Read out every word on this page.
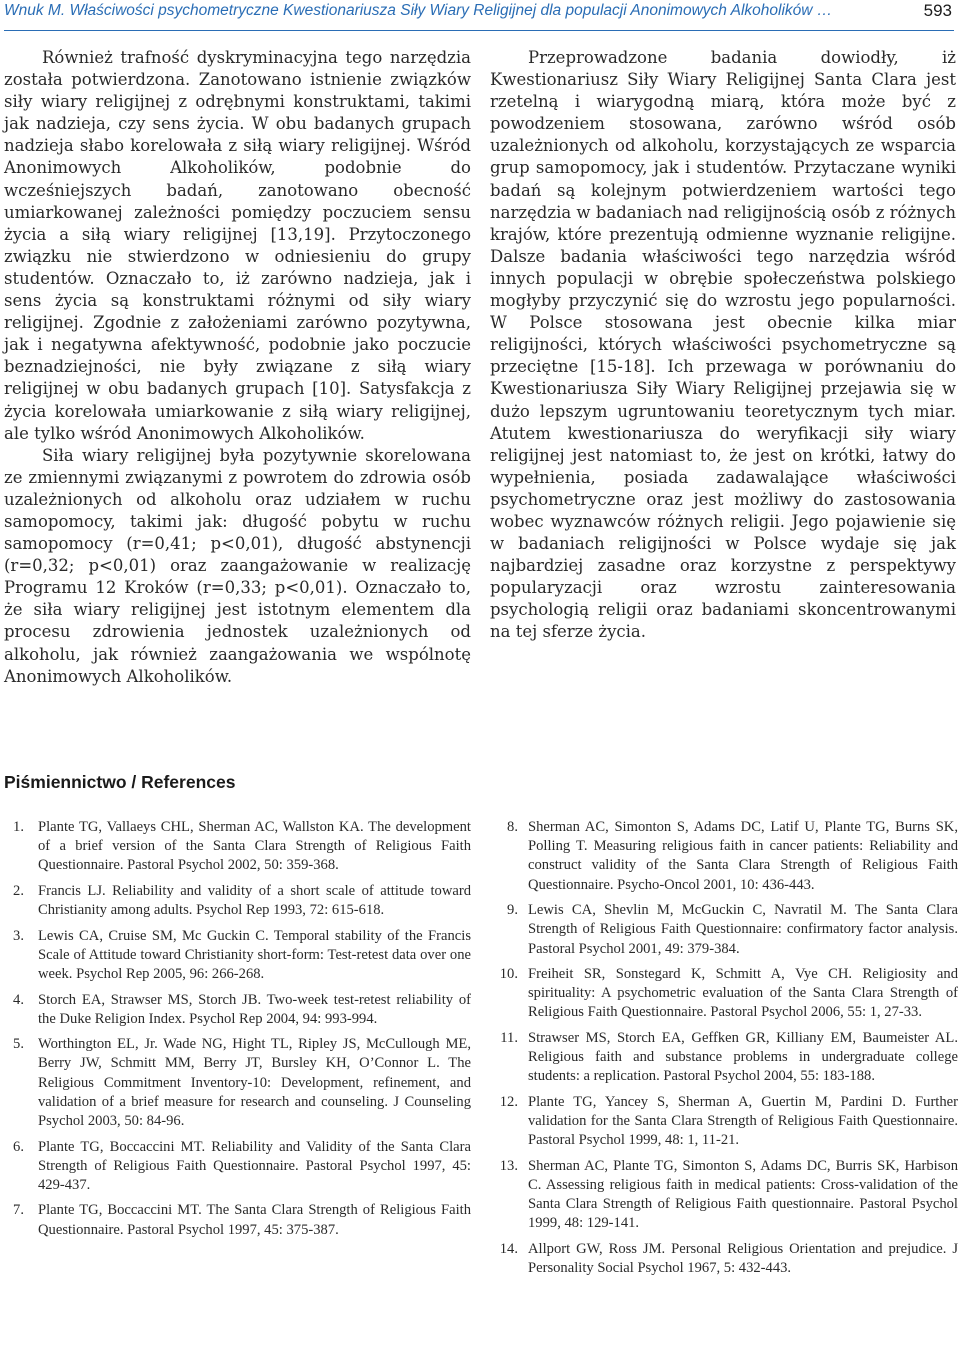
Wnuk M. Właściwości psychometryczne Kwestionariusza Siły Wiary Religijnej dla populacji Anonimowych Alkoholików …	593

Również trafność dyskryminacyjna tego narzędzia została potwierdzona. Zanotowano istnienie związków siły wiary religijnej z odrębnymi konstruktami, takimi jak nadzieja, czy sens życia. W obu badanych grupach nadzieja słabo korelowała z siłą wiary religijnej. Wśród Anonimowych Alkoholików, podobnie do wcześniejszych badań, zanotowano obecność umiarkowanej zależności pomiędzy poczuciem sensu życia a siłą wiary religijnej [13,19]. Przytoczonego związku nie stwierdzono w odniesieniu do grupy studentów. Oznaczało to, iż zarówno nadzieja, jak i sens życia są konstruktami różnymi od siły wiary religijnej. Zgodnie z założeniami zarówno pozytywna, jak i negatywna afektywność, podobnie jako poczucie beznadziejności, nie były związane z siłą wiary religijnej w obu badanych grupach [10]. Satysfakcja z życia korelowała umiarkowanie z siłą wiary religijnej, ale tylko wśród Anonimowych Alkoholików.

Siła wiary religijnej była pozytywnie skorelowana ze zmiennymi związanymi z powrotem do zdrowia osób uzależnionych od alkoholu oraz udziałem w ruchu samopomocy, takimi jak: długość pobytu w ruchu samopomocy (r=0,41; p<0,01), długość abstynencji (r=0,32; p<0,01) oraz zaangażowanie w realizację Programu 12 Kroków (r=0,33; p<0,01). Oznaczało to, że siła wiary religijnej jest istotnym elementem dla procesu zdrowienia jednostek uzależnionych od alkoholu, jak również zaangażowania we wspólnotę Anonimowych Alkoholików.

Przeprowadzone badania dowiodły, iż Kwestionariusz Siły Wiary Religijnej Santa Clara jest rzetelną i wiarygodną miarą, która może być z powodzeniem stosowana, zarówno wśród osób uzależnionych od alkoholu, korzystających ze wsparcia grup samopomocy, jak i studentów. Przytaczane wyniki badań są kolejnym potwierdzeniem wartości tego narzędzia w badaniach nad religijnością osób z różnych krajów, które prezentują odmienne wyznanie religijne. Dalsze badania właściwości tego narzędzia wśród innych populacji w obrębie społeczeństwa polskiego mogłyby przyczynić się do wzrostu jego popularności. W Polsce stosowana jest obecnie kilka miar religijności, których właściwości psychometryczne są przeciętne [15-18]. Ich przewaga w porównaniu do Kwestionariusza Siły Wiary Religijnej przejawia się w dużo lepszym ugruntowaniu teoretycznym tych miar. Atutem kwestionariusza do weryfikacji siły wiary religijnej jest natomiast to, że jest on krótki, łatwy do wypełnienia, posiada zadawalające właściwości psychometryczne oraz jest możliwy do zastosowania wobec wyznawców różnych religii. Jego pojawienie się w badaniach religijności w Polsce wydaje się jak najbardziej zasadne oraz korzystne z perspektywy popularyzacji oraz wzrostu zainteresowania psychologią religii oraz badaniami skoncentrowanymi na tej sferze życia.

Piśmiennictwo / References
1. Plante TG, Vallaeys CHL, Sherman AC, Wallston KA. The development of a brief version of the Santa Clara Strength of Religious Faith Questionnaire. Pastoral Psychol 2002, 50: 359-368.
2. Francis LJ. Reliability and validity of a short scale of attitude toward Christianity among adults. Psychol Rep 1993, 72: 615-618.
3. Lewis CA, Cruise SM, Mc Guckin C. Temporal stability of the Francis Scale of Attitude toward Christianity short-form: Test-retest data over one week. Psychol Rep 2005, 96: 266-268.
4. Storch EA, Strawser MS, Storch JB. Two-week test-retest reliability of the Duke Religion Index. Psychol Rep 2004, 94: 993-994.
5. Worthington EL, Jr. Wade NG, Hight TL, Ripley JS, McCullough ME, Berry JW, Schmitt MM, Berry JT, Bursley KH, O’Connor L. The Religious Commitment Inventory-10: Development, refinement, and validation of a brief measure for research and counseling. J Counseling Psychol 2003, 50: 84-96.
6. Plante TG, Boccaccini MT. Reliability and Validity of the Santa Clara Strength of Religious Faith Questionnaire. Pastoral Psychol 1997, 45: 429-437.
7. Plante TG, Boccaccini MT. The Santa Clara Strength of Religious Faith Questionnaire. Pastoral Psychol 1997, 45: 375-387.
8. Sherman AC, Simonton S, Adams DC, Latif U, Plante TG, Burns SK, Polling T. Measuring religious faith in cancer patients: Reliability and construct validity of the Santa Clara Strength of Religious Faith Questionnaire. Psycho-Oncol 2001, 10: 436-443.
9. Lewis CA, Shevlin M, McGuckin C, Navratil M. The Santa Clara Strength of Religious Faith Questionnaire: confirmatory factor analysis. Pastoral Psychol 2001, 49: 379-384.
10. Freiheit SR, Sonstegard K, Schmitt A, Vye CH. Religiosity and spirituality: A psychometric evaluation of the Santa Clara Strength of Religious Faith Questionnaire. Pastoral Psychol 2006, 55: 1, 27-33.
11. Strawser MS, Storch EA, Geffken GR, Killiany EM, Baumeister AL. Religious faith and substance problems in undergraduate college students: a replication. Pastoral Psychol 2004, 55: 183-188.
12. Plante TG, Yancey S, Sherman A, Guertin M, Pardini D. Further validation for the Santa Clara Strength of Religious Faith Questionnaire. Pastoral Psychol 1999, 48: 1, 11-21.
13. Sherman AC, Plante TG, Simonton S, Adams DC, Burris SK, Harbison C. Assessing religious faith in medical patients: Cross-validation of the Santa Clara Strength of Religious Faith questionnaire. Pastoral Psychol 1999, 48: 129-141.
14. Allport GW, Ross JM. Personal Religious Orientation and prejudice. J Personality Social Psychol 1967, 5: 432-443.
